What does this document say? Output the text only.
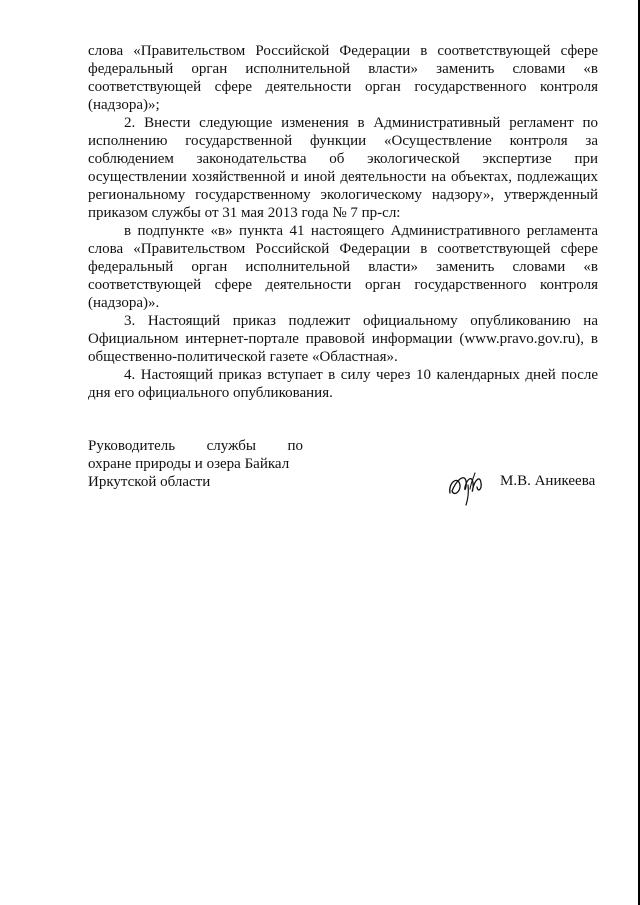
слова «Правительством Российской Федерации в соответствующей сфере федеральный орган исполнительной власти» заменить словами «в соответствующей сфере деятельности орган государственного контроля (надзора)»;

2. Внести следующие изменения в Административный регламент по исполнению государственной функции «Осуществление контроля за соблюдением законодательства об экологической экспертизе при осуществлении хозяйственной и иной деятельности на объектах, подлежащих региональному государственному экологическому надзору», утвержденный приказом службы от 31 мая 2013 года № 7 пр-сл:

в подпункте «в» пункта 41 настоящего Административного регламента слова «Правительством Российской Федерации в соответствующей сфере федеральный орган исполнительной власти» заменить словами «в соответствующей сфере деятельности орган государственного контроля (надзора)».

3. Настоящий приказ подлежит официальному опубликованию на Официальном интернет-портале правовой информации (www.pravo.gov.ru), в общественно-политической газете «Областная».

4. Настоящий приказ вступает в силу через 10 календарных дней после дня его официального опубликования.

Руководитель службы по
охране природы и озера Байкал
Иркутской области	М.В. Аникеева
